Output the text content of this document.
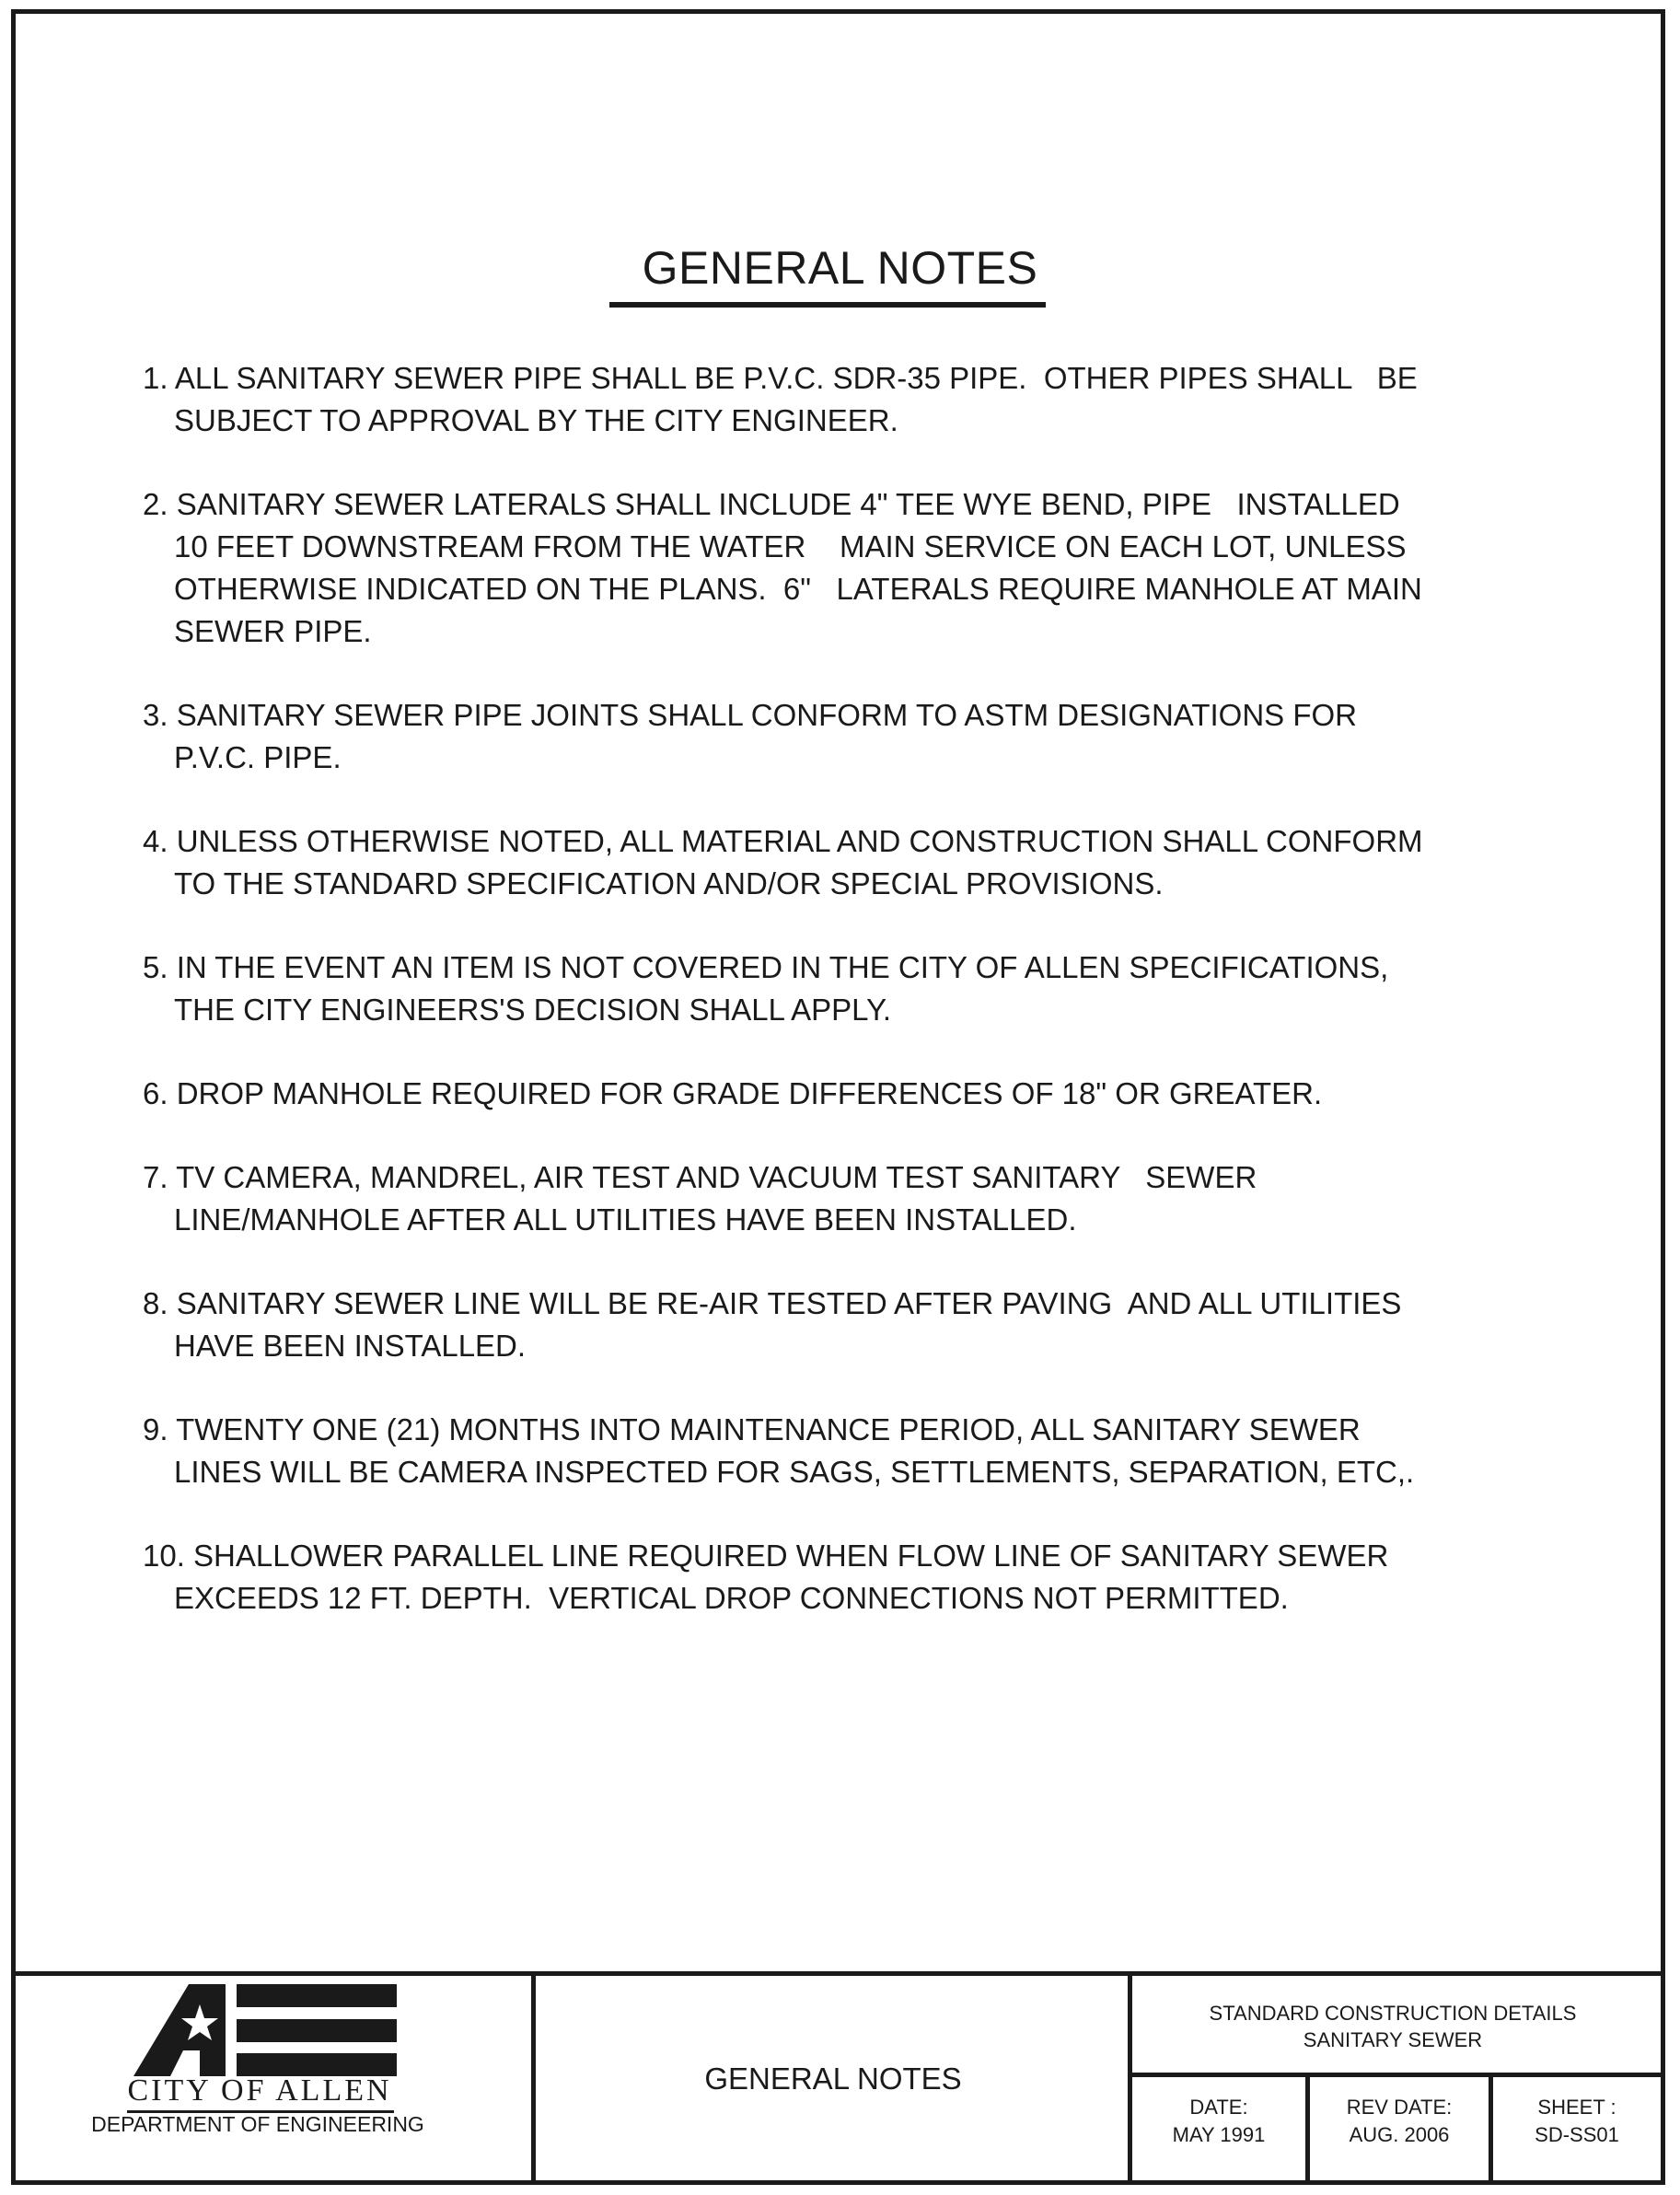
GENERAL NOTES
1. ALL SANITARY SEWER PIPE SHALL BE P.V.C. SDR-35 PIPE.  OTHER PIPES SHALL   BE
SUBJECT TO APPROVAL BY THE CITY ENGINEER.
2. SANITARY SEWER LATERALS SHALL INCLUDE 4" TEE WYE BEND, PIPE   INSTALLED
10 FEET DOWNSTREAM FROM THE WATER    MAIN SERVICE ON EACH LOT, UNLESS
OTHERWISE INDICATED ON THE PLANS.  6"   LATERALS REQUIRE MANHOLE AT MAIN
SEWER PIPE.
3. SANITARY SEWER PIPE JOINTS SHALL CONFORM TO ASTM DESIGNATIONS FOR
P.V.C. PIPE.
4. UNLESS OTHERWISE NOTED, ALL MATERIAL AND CONSTRUCTION SHALL CONFORM
TO THE STANDARD SPECIFICATION AND/OR SPECIAL PROVISIONS.
5. IN THE EVENT AN ITEM IS NOT COVERED IN THE CITY OF ALLEN SPECIFICATIONS,
THE CITY ENGINEERS'S DECISION SHALL APPLY.
6. DROP MANHOLE REQUIRED FOR GRADE DIFFERENCES OF 18" OR GREATER.
7. TV CAMERA, MANDREL, AIR TEST AND VACUUM TEST SANITARY   SEWER
LINE/MANHOLE AFTER ALL UTILITIES HAVE BEEN INSTALLED.
8. SANITARY SEWER LINE WILL BE RE-AIR TESTED AFTER PAVING  AND ALL UTILITIES
HAVE BEEN INSTALLED.
9. TWENTY ONE (21) MONTHS INTO MAINTENANCE PERIOD, ALL SANITARY SEWER
LINES WILL BE CAMERA INSPECTED FOR SAGS, SETTLEMENTS, SEPARATION, ETC,.
10. SHALLOWER PARALLEL LINE REQUIRED WHEN FLOW LINE OF SANITARY SEWER
EXCEEDS 12 FT. DEPTH.  VERTICAL DROP CONNECTIONS NOT PERMITTED.
CITY OF ALLEN
DEPARTMENT OF ENGINEERING
GENERAL NOTES
STANDARD CONSTRUCTION DETAILS
SANITARY SEWER
DATE:
MAY 1991
REV DATE:
AUG. 2006
SHEET :
SD-SS01
